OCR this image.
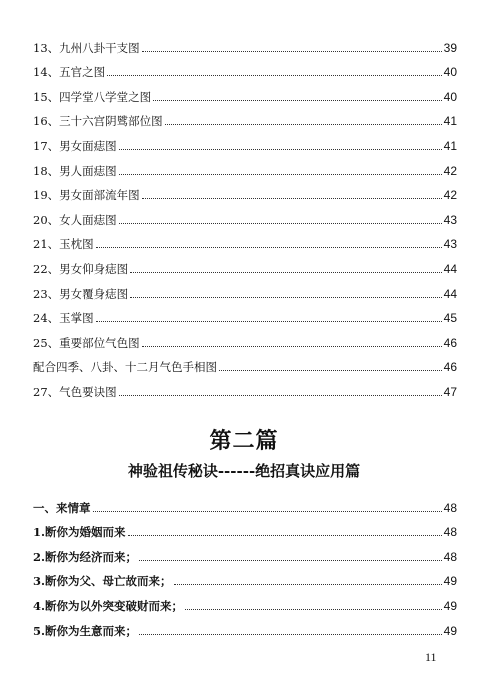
13、九州八卦干支图	39
14、五官之图	40
15、四学堂八学堂之图	40
16、三十六宫阴骘部位图	41
17、男女面痣图	41
18、男人面痣图	42
19、男女面部流年图	42
20、女人面痣图	43
21、玉枕图	43
22、男女仰身痣图	44
23、男女覆身痣图	44
24、玉掌图	45
25、重要部位气色图	46
配合四季、八卦、十二月气色手相图	46
27、气色要诀图	47
第二篇
神验祖传秘诀------绝招真诀应用篇
一、来情章	48
1.断你为婚姻而来	48
2.断你为经济而来；	48
3.断你为父、母亡故而来；	49
4.断你为以外突变破财而来；	49
5.断你为生意而来；	49
11
